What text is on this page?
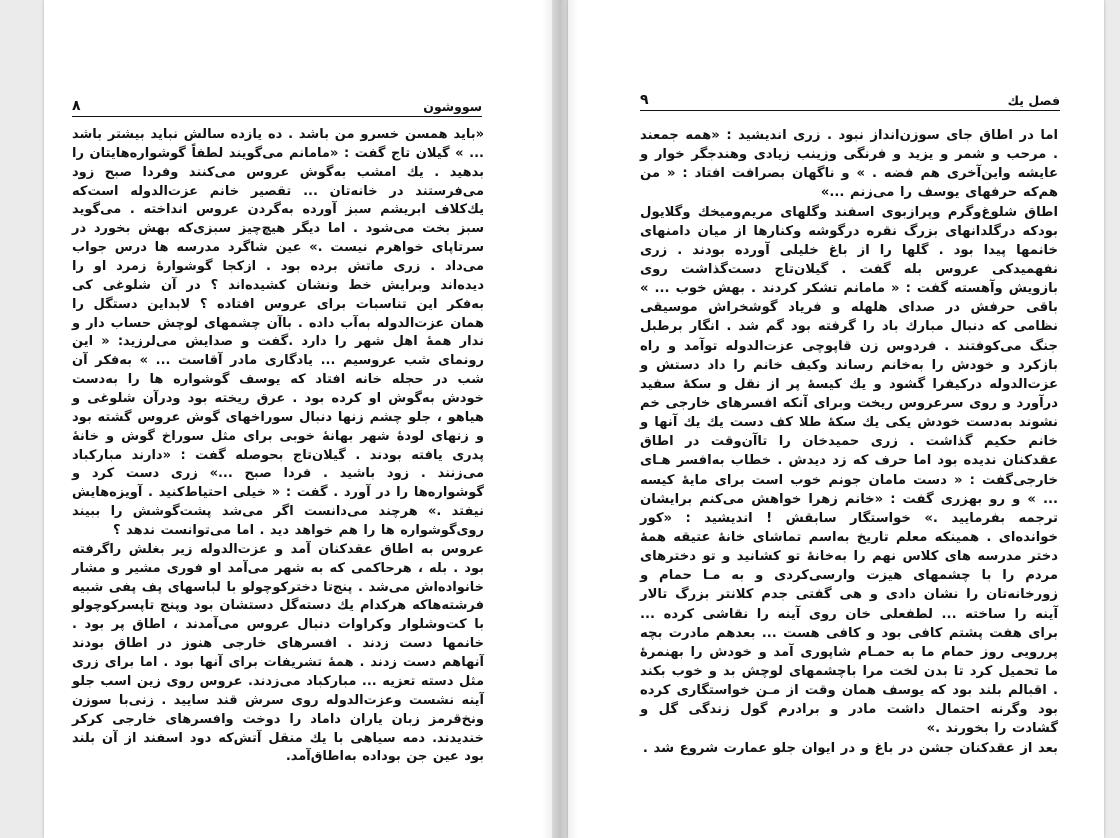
سووشون
۸

«باید همسن خسرو من باشد . ده یازده سالش نباید بیشتر باشد ... » گیلان تاج گفت : «مامانم می‌گویند لطفاً گوشواره‌هایتان را بدهید . یك امشب به‌گوش عروس می‌کنند وفردا صبح زود می‌فرستند در خانه‌تان ... تقصیر خانم عزت‌الدوله است‌که یك‌کلاف ابریشم سبز آورده به‌گردن عروس انداخته . می‌گوید سبز بخت می‌شود . اما دیگر هیچ‌چیز سبزی‌که بهش بخورد در سرتاپای خواهرم نیست .» عین شاگرد مدرسه ها درس جواب می‌داد . زری ماتش برده بود . ازکجا گوشوارهٔ زمرد او را دیده‌اند وبرایش خط ونشان کشیده‌اند ؟ در آن شلوغی کی به‌فکر این تناسبات برای عروس افتاده ؟ لابداین دستگل را همان عزت‌الدوله به‌آب داده . باآن چشمهای لوچش حساب دار و ندار همهٔ اهل شهر را دارد .گفت و صدایش می‌لرزید: « این رونمای شب عروسیم ... یادگاری مادر آقاست ... » به‌فکر آن شب در حجله خانه افتاد که یوسف گوشواره ها را به‌دست خودش به‌گوش او کرده بود . عرق ریخته بود ودرآن شلوغی و هیاهو ، جلو چشم زنها دنبال سوراخهای گوش عروس گشته بود و زنهای لودهٔ شهر بهانهٔ خوبی برای مثل سوراخ گوش و خانهٔ پدری یافته بودند . گیلان‌تاج بحوصله گفت : «دارند مبارکباد می‌زنند . زود باشید . فردا صبح ...» زری دست کرد و گوشواره‌ها را در آورد . گفت : « خیلی احتیاط‌کنید . آویزه‌هایش نیفتد .» هرچند می‌دانست اگر می‌شد پشت‌گوشش را ببیند روی‌گوشواره ها را هم خواهد دید . اما می‌توانست ندهد ؟

عروس به اطاق عقدکنان آمد و عزت‌الدوله زیر بغلش راگرفته بود . بله ، هرحاکمی که به شهر می‌آمد او فوری مشیر و مشار خانواده‌اش می‌شد . پنج‌تا دخترکوچولو با لباسهای پف پفی شبیه فرشته‌هاکه هرکدام یك دسته‌گل دستشان بود وپنج تاپسرکوچولو با کت‌وشلوار وکراوات دنبال عروس می‌آمدند ، اطاق پر بود . خانمها دست زدند . افسرهای خارجی هنوز در اطاق بودند آنهاهم دست زدند . همهٔ تشریفات برای آنها بود . اما برای زری مثل دسته تعزیه ... مبارکباد می‌زدند. عروس روی زین اسب جلو آینه نشست وعزت‌الدوله روی سرش قند سایید . زنی‌با سوزن ونخ‌قرمز زبان یاران داماد را دوخت وافسرهای خارجی کرکر خندیدند. دمه سیاهی با یك منقل آتش‌که دود اسفند از آن بلند بود عین جن بوداده به‌اطاق‌آمد.

فصل یك
۹

اما در اطاق جای سوزن‌انداز نبود . زری اندیشید : «همه جمعند . مرحب و شمر و یزید و فرنگی وزینب زیادی وهندجگر خوار و عایشه واین‌آخری هم فضه . » و ناگهان بصرافت افتاد : « من هم‌که حرفهای یوسف را می‌زنم ...»

اطاق شلوغ‌وگرم وپرازبوی اسفند وگلهای مریم‌ومیخك وگلایول بودکه درگلدانهای بزرگ نقره درگوشه وکنارها از میان دامنهای خانمها پیدا بود . گلها را از باغ خلیلی آورده بودند . زری نفهمیدکی عروس بله گفت . گیلان‌تاج دست‌گذاشت روی بازویش وآهسته گفت : « مامانم تشکر کردند . بهش خوب ... » باقی حرفش در صدای هلهله و فریاد گوشخراش موسیقی نظامی که دنبال مبارك باد را گرفته بود گم شد . انگار برطبل جنگ می‌کوفتند . فردوس زن قاپوچی عزت‌الدوله تو‌آمد و راه بازکرد و خودش را به‌خانم رساند وکیف خانم را داد دستش و عزت‌الدوله درکیفرا گشود و یك کیسهٔ پر از نقل و سکهٔ سفید درآورد و روی سرعروس ریخت وبرای آنکه افسرهای خارجی خم نشوند به‌دست خودش یکی یك سکهٔ طلا کف دست یك یك آنها و خانم حکیم گذاشت . زری حمیدخان را تاآن‌وقت در اطاق عقدکنان ندیده بود اما حرف که زد دیدش . خطاب به‌افسر هـای خارجی‌گفت : « دست مامان جونم خوب است برای مایهٔ کیسه ... » و رو بهزری گفت : «خانم زهرا خواهش می‌کنم برایشان ترجمه بفرمایید .» خواستگار سابقش ! اندیشید : «کور خوانده‌ای . همینکه معلم تاریخ به‌اسم تماشای خانهٔ عتیقه همهٔ دختر مدرسه های کلاس نهم را به‌خانهٔ تو کشانید و تو دخترهای مردم را با چشمهای هیزت وارسی‌کردی و به مـا حمام و زورخانه‌تان را نشان دادی و هی گفتی جدم کلانتر بزرگ تالار آینه را ساخته ... لطفعلی خان روی آینه را نقاشی کرده ... برای هفت پشتم کافی بود و کافی هست ... بعدهم مادرت بچه پررویی روز حمام ما به حمـام شاپوری آمد و خودش را بهنمرهٔ ما تحمیل کرد تا بدن لخت مرا باچشمهای لوچش بد و خوب بکند . اقبالم بلند بود که یوسف همان وقت از مـن خواستگاری کرده بود وگرنه احتمال داشت مادر و برادرم گول زندگی گل و گشادت را بخورند .»

بعد از عقدکنان جشن در باغ و در ایوان جلو عمارت شروع شد .
